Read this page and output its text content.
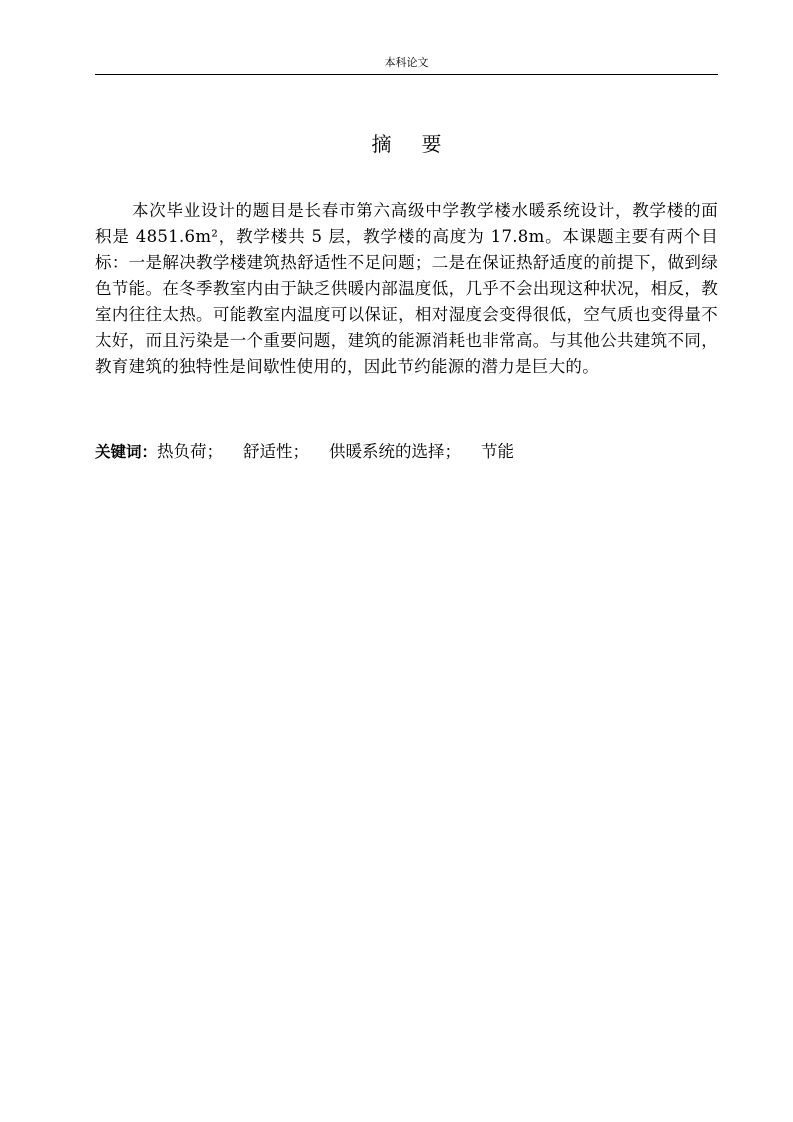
本科论文
摘要

本次毕业设计的题目是长春市第六高级中学教学楼水暖系统设计，教学楼的面积是 4851.6m²，教学楼共 5 层，教学楼的高度为 17.8m。本课题主要有两个目标：一是解决教学楼建筑热舒适性不足问题；二是在保证热舒适度的前提下，做到绿色节能。在冬季教室内由于缺乏供暖内部温度低，几乎不会出现这种状况，相反，教室内往往太热。可能教室内温度可以保证，相对湿度会变得很低，空气质也变得量不太好，而且污染是一个重要问题，建筑的能源消耗也非常高。与其他公共建筑不同，教育建筑的独特性是间歇性使用的，因此节约能源的潜力是巨大的。

关键词：热负荷； 舒适性； 供暖系统的选择； 节能
